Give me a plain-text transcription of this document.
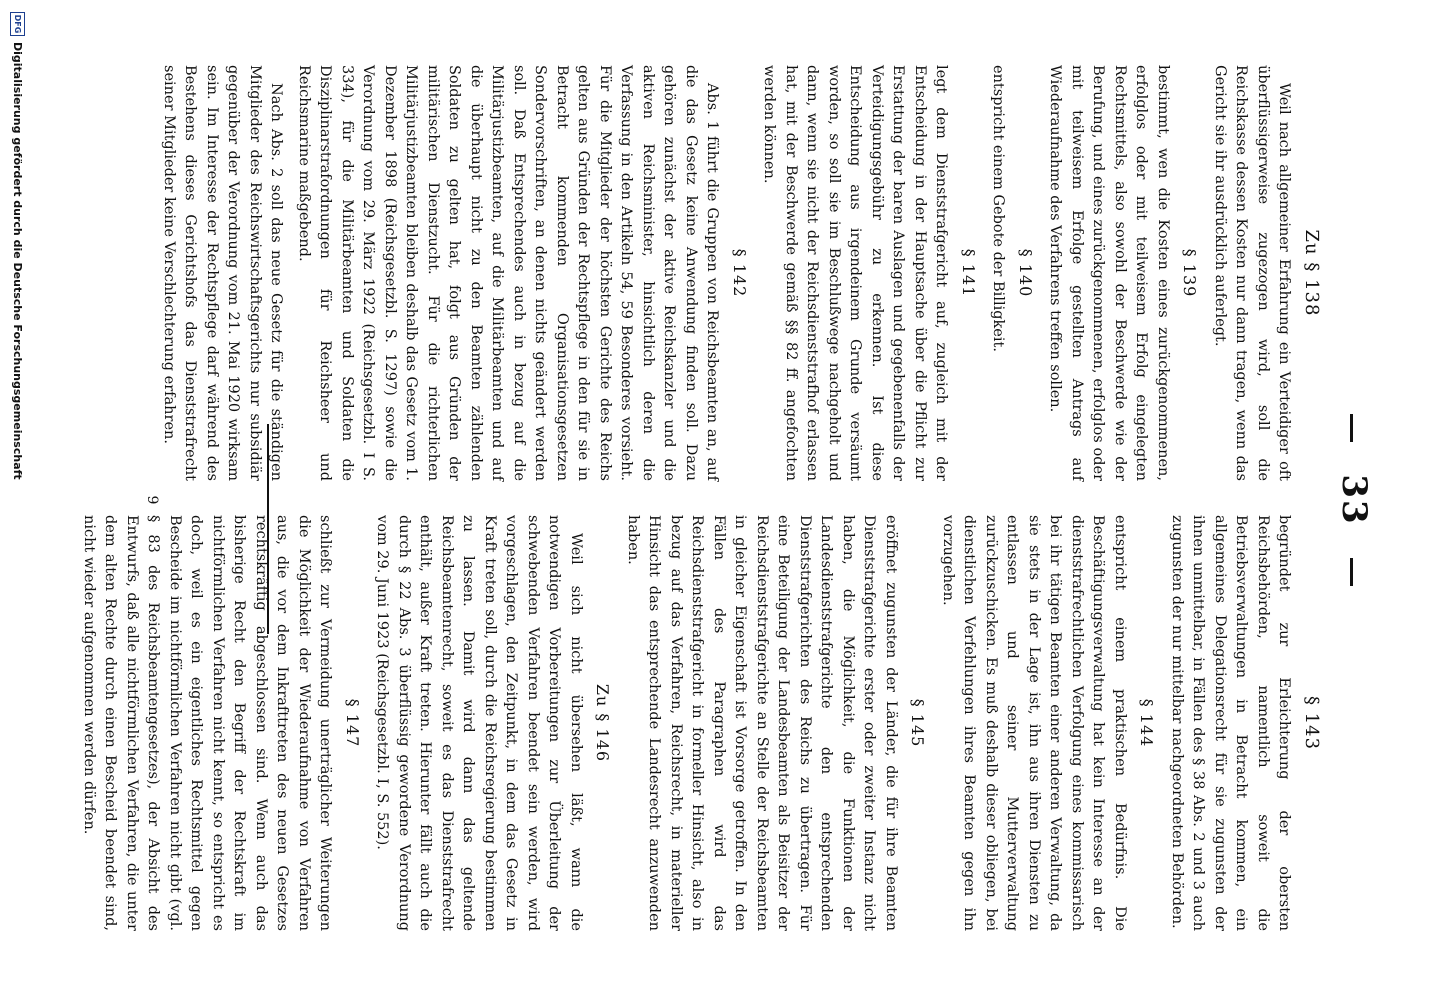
33
Zu § 138

Weil nach allgemeiner Erfahrung ein Verteidiger oft überflüssigerweise zugezogen wird, soll die Reichskasse dessen Kosten nur dann tragen, wenn das Gericht sie ihr ausdrücklich auferlegt.

§ 139

bestimmt, wen die Kosten eines zurückgenommenen, erfolglos oder mit teilweisem Erfolg eingelegten Rechtsmittels, also sowohl der Beschwerde wie der Berufung, und eines zurückgenommenen, erfolglos oder mit teilweisem Erfolge gestellten Antrags auf Wiederaufnahme des Verfahrens treffen sollen.

§ 140

entspricht einem Gebote der Billigkeit.

§ 141

legt dem Dienststrafgericht auf, zugleich mit der Entscheidung in der Hauptsache über die Pflicht zur Erstattung der baren Auslagen und gegebenenfalls der Verteidigungsgebühr zu erkennen. Ist diese Entscheidung aus irgendeinem Grunde versäumt worden, so soll sie im Beschlußwege nachgeholt und dann, wenn sie nicht der Reichsdienststrafhof erlassen hat, mit der Beschwerde gemäß §§ 82 ff. angefochten werden können.

§ 142

Abs. 1 führt die Gruppen von Reichsbeamten an, auf die das Gesetz keine Anwendung finden soll. Dazu gehören zunächst der aktive Reichskanzler und die aktiven Reichsminister, hinsichtlich deren die Verfassung in den Artikeln 54, 59 Besonderes vorsieht. Für die Mitglieder der höchsten Gerichte des Reichs gelten aus Gründen der Rechtspflege in den für sie in Betracht kommenden Organisationsgesetzen Sondervorschriften, an denen nichts geändert werden soll. Daß Entsprechendes auch in bezug auf die Militärjustizbeamten, auf die Militärbeamten und auf die überhaupt nicht zu den Beamten zählenden Soldaten zu gelten hat, folgt aus Gründen der militärischen Dienstzucht. Für die richterlichen Militärjustizbeamten bleiben deshalb das Gesetz vom 1. Dezember 1898 (Reichsgesetzbl. S. 1297) sowie die Verordnung vom 29. März 1922 (Reichsgesetzbl. I S. 334), für die Militärbeamten und Soldaten die Disziplinarstrafordnungen für Reichsheer und Reichsmarine maßgebend.

Nach Abs. 2 soll das neue Gesetz für die ständigen Mitglieder des Reichswirtschaftsgerichts nur subsidiär gegenüber der Verordnung vom 21. Mai 1920 wirksam sein. Im Interesse der Rechtspflege darf während des Bestehens dieses Gerichtshofs das Dienststrafrecht seiner Mitglieder keine Verschlechterung erfahren.

§ 143

begründet zur Erleichterung der obersten Reichsbehörden, namentlich soweit die Betriebsverwaltungen in Betracht kommen, ein allgemeines Delegationsrecht für sie zugunsten der ihnen unmittelbar, in Fällen des § 38 Abs. 2 und 3 auch zugunsten der nur mittelbar nachgeordneten Behörden.

§ 144

entspricht einem praktischen Bedürfnis. Die Beschäftigungsverwaltung hat kein Interesse an der dienststrafrechtlichen Verfolgung eines kommissarisch bei ihr tätigen Beamten einer anderen Verwaltung, da sie stets in der Lage ist, ihn aus ihren Diensten zu entlassen und seiner Mutterverwaltung zurückzuschicken. Es muß deshalb dieser obliegen, bei dienstlichen Verfehlungen ihres Beamten gegen ihn vorzugehen.

§ 145

eröffnet zugunsten der Länder, die für ihre Beamten Dienststrafgerichte erster oder zweiter Instanz nicht haben, die Möglichkeit, die Funktionen der Landesdienststrafgerichte den entsprechenden Dienststrafgerichten des Reichs zu übertragen. Für eine Beteiligung der Landesbeamten als Beisitzer der Reichsdienststrafgerichte an Stelle der Reichsbeamten in gleicher Eigenschaft ist Vorsorge getroffen. In den Fällen des Paragraphen wird das Reichsdienststrafgericht in formeller Hinsicht, also in bezug auf das Verfahren, Reichsrecht, in materieller Hinsicht das entsprechende Landesrecht anzuwenden haben.

Zu § 146

Weil sich nicht übersehen läßt, wann die notwendigen Vorbereitungen zur Überleitung der schwebenden Verfahren beendet sein werden, wird vorgeschlagen, den Zeitpunkt, in dem das Gesetz in Kraft treten soll, durch die Reichsregierung bestimmen zu lassen. Damit wird dann das geltende Reichsbeamtenrecht, soweit es das Dienststrafrecht enthält, außer Kraft treten. Hierunter fällt auch die durch § 22 Abs. 3 überflüssig gewordene Verordnung vom 29. Juni 1923 (Reichsgesetzbl. I, S. 552).

§ 147

schließt zur Vermeidung unerträglicher Weiterungen die Möglichkeit der Wiederaufnahme von Verfahren aus, die vor dem Inkrafttreten des neuen Gesetzes rechtskräftig abgeschlossen sind. Wenn auch das bisherige Recht den Begriff der Rechtskraft im nichtförmlichen Verfahren nicht kennt, so entspricht es doch, weil es ein eigentliches Rechtsmittel gegen Bescheide im nichtförmlichen Verfahren nicht gibt (vgl. § 83 des Reichsbeamtengesetzes), der Absicht des Entwurfs, daß alle nichtförmlichen Verfahren, die unter dem alten Rechte durch einen Bescheid beendet sind, nicht wieder aufgenommen werden dürfen.

9
DFG
Digitalisierung gefördert durch die Deutsche Forschungsgemeinschaft
